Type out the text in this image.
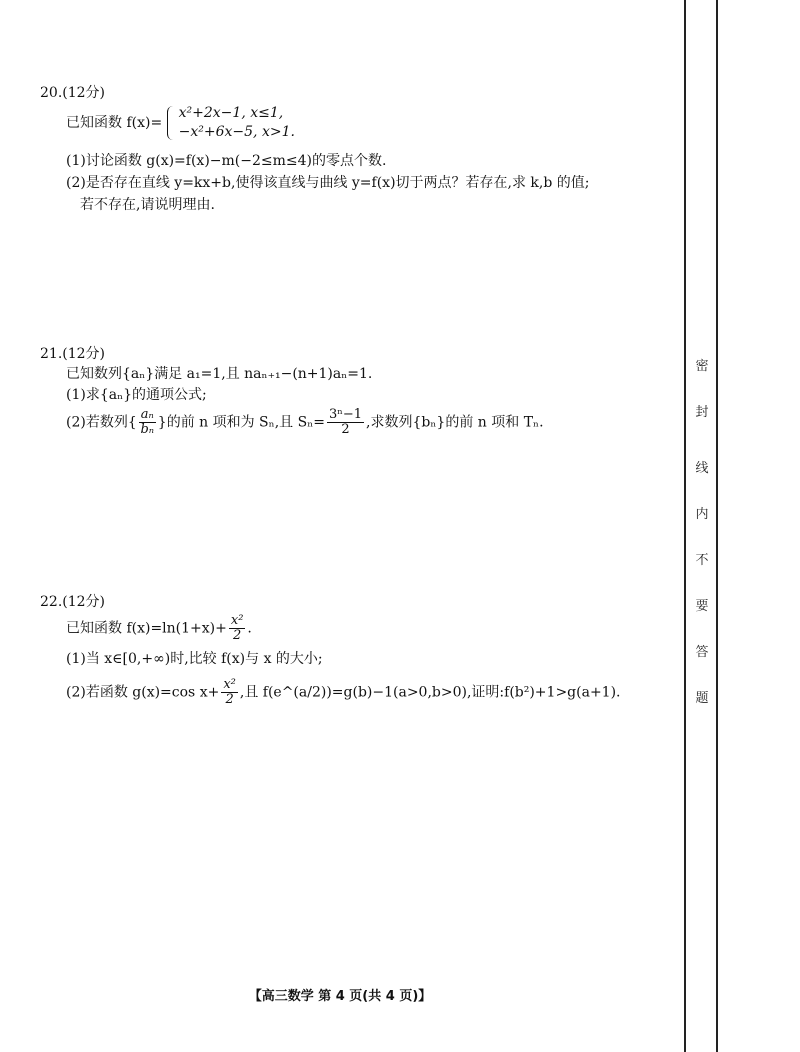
密
封
线
内
不
要
答
题
20.(12分)
已知函数 f(x)=
x²+2x−1, x≤1,
−x²+6x−5, x>1.
(1)讨论函数 g(x)=f(x)−m(−2≤m≤4)的零点个数.
(2)是否存在直线 y=kx+b,使得该直线与曲线 y=f(x)切于两点？若存在,求 k,b 的值;
若不存在,请说明理由.
21.(12分)
已知数列{aₙ}满足 a₁=1,且 naₙ₊₁−(n+1)aₙ=1.
(1)求{aₙ}的通项公式;
(2)若数列{ $\frac{\text{aₙ}}{\text{bₙ}}$ }的前 n 项和为 Sₙ,且 $S_n= \frac{\text{3ⁿ−1}}{2}$ ,求数列{bₙ}的前 n 项和 Tₙ.
22.(12分)
已知函数 $f(x)=\ln(1+x)+ \frac{\text{x²}}{2}$ .
(1)当 x∈[0,+∞)时,比较 f(x)与 x 的大小;
(2)若函数 g(x)=cos $x+ \frac{\text{x²}}{2}$ ,且 f(e^(a/2))=g(b)−1(a>0,b>0),证明:f(b²)+1>g(a+1).
【高三数学 第 4 页(共 4 页)】
